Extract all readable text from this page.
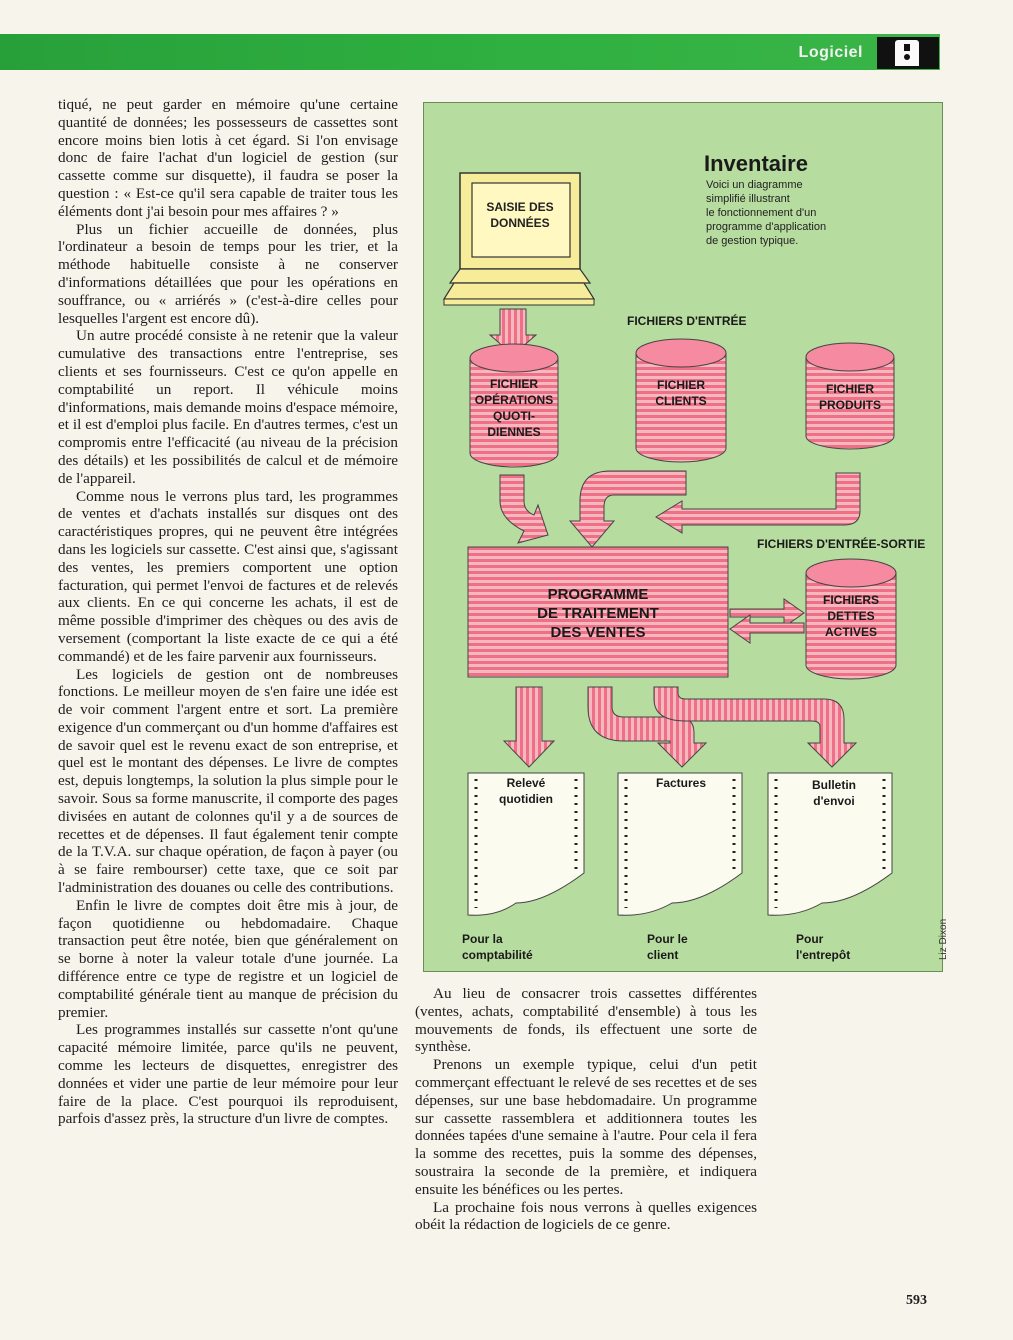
Logiciel

tiqué, ne peut garder en mémoire qu'une certaine quantité de données; les possesseurs de cassettes sont encore moins bien lotis à cet égard. Si l'on envisage donc de faire l'achat d'un logiciel de gestion (sur cassette comme sur disquette), il faudra se poser la question : « Est-ce qu'il sera capable de traiter tous les éléments dont j'ai besoin pour mes affaires ? »

Plus un fichier accueille de données, plus l'ordinateur a besoin de temps pour les trier, et la méthode habituelle consiste à ne conserver d'informations détaillées que pour les opérations en souffrance, ou « arriérés » (c'est-à-dire celles pour lesquelles l'argent est encore dû).

Un autre procédé consiste à ne retenir que la valeur cumulative des transactions entre l'entreprise, ses clients et ses fournisseurs. C'est ce qu'on appelle en comptabilité un report. Il véhicule moins d'informations, mais demande moins d'espace mémoire, et il est d'emploi plus facile. En d'autres termes, c'est un compromis entre l'efficacité (au niveau de la précision des détails) et les possibilités de calcul et de mémoire de l'appareil.

Comme nous le verrons plus tard, les programmes de ventes et d'achats installés sur disques ont des caractéristiques propres, qui ne peuvent être intégrées dans les logiciels sur cassette. C'est ainsi que, s'agissant des ventes, les premiers comportent une option facturation, qui permet l'envoi de factures et de relevés aux clients. En ce qui concerne les achats, il est de même possible d'imprimer des chèques ou des avis de versement (comportant la liste exacte de ce qui a été commandé) et de les faire parvenir aux fournisseurs.

Les logiciels de gestion ont de nombreuses fonctions. Le meilleur moyen de s'en faire une idée est de voir comment l'argent entre et sort. La première exigence d'un commerçant ou d'un homme d'affaires est de savoir quel est le revenu exact de son entreprise, et quel est le montant des dépenses. Le livre de comptes est, depuis longtemps, la solution la plus simple pour le savoir. Sous sa forme manuscrite, il comporte des pages divisées en autant de colonnes qu'il y a de sources de recettes et de dépenses. Il faut également tenir compte de la T.V.A. sur chaque opération, de façon à payer (ou à se faire rembourser) cette taxe, que ce soit par l'administration des douanes ou celle des contributions.

Enfin le livre de comptes doit être mis à jour, de façon quotidienne ou hebdomadaire. Chaque transaction peut être notée, bien que généralement on se borne à noter la valeur totale d'une journée. La différence entre ce type de registre et un logiciel de comptabilité générale tient au manque de précision du premier.

Les programmes installés sur cassette n'ont qu'une capacité mémoire limitée, parce qu'ils ne peuvent, comme les lecteurs de disquettes, enregistrer des données et vider une partie de leur mémoire pour leur faire de la place. C'est pourquoi ils reproduisent, parfois d'assez près, la structure d'un livre de comptes.

Inventaire
Voici un diagramme
simplifié illustrant
le fonctionnement d'un
programme d'application
de gestion typique.
SAISIE DES
DONNÉES
FICHIERS D'ENTRÉE
FICHIER
OPÉRATIONS
QUOTI-
DIENNES
FICHIER
CLIENTS
FICHIER
PRODUITS
FICHIERS D'ENTRÉE-SORTIE
PROGRAMME
DE TRAITEMENT
DES VENTES
FICHIERS
DETTES
ACTIVES
Relevé
quotidien
Factures	Bulletin
d'envoi
Pour la
comptabilité
Pour le
client
Pour
l'entrepôt	Liz Dixon

Au lieu de consacrer trois cassettes différentes (ventes, achats, comptabilité d'ensemble) à tous les mouvements de fonds, ils effectuent une sorte de synthèse.

Prenons un exemple typique, celui d'un petit commerçant effectuant le relevé de ses recettes et de ses dépenses, sur une base hebdomadaire. Un programme sur cassette rassemblera et additionnera toutes les données tapées d'une semaine à l'autre. Pour cela il fera la somme des recettes, puis la somme des dépenses, soustraira la seconde de la première, et indiquera ensuite les bénéfices ou les pertes.

La prochaine fois nous verrons à quelles exigences obéit la rédaction de logiciels de ce genre.

593
